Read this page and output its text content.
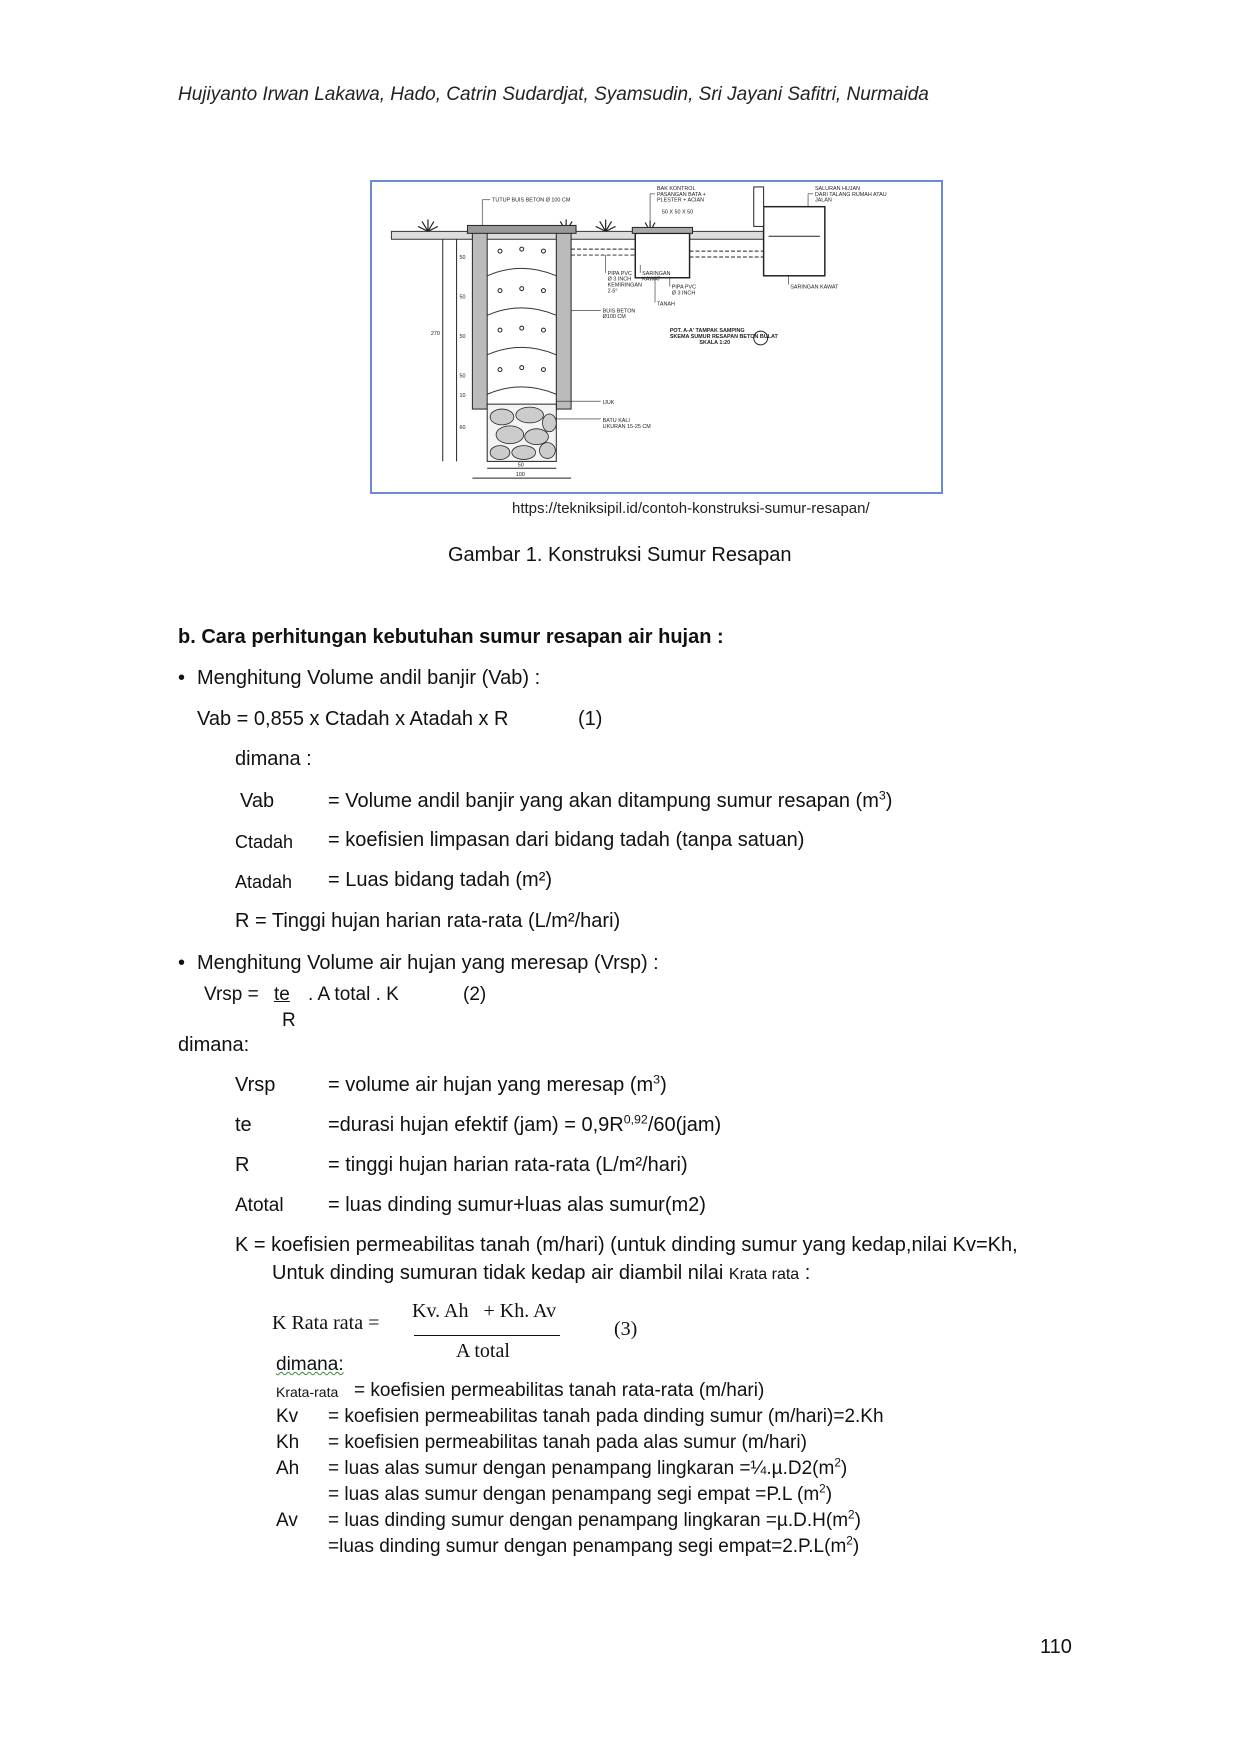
Hujiyanto Irwan Lakawa, Hado, Catrin Sudardjat, Syamsudin, Sri Jayani Safitri, Nurmaida
50
100
270
50
50
50
50
10
60
TUTUP BUIS BETON Ø 100 CM
BAK KONTROL
PASANGAN BATA +
PLESTER + ACIAN
50 X 50 X 50
SALURAN HUJAN
DARI TALANG RUMAH ATAU
JALAN
PIPA PVC
Ø 3 INCH
KEMIRINGAN
2-5°
SARINGAN
KAWAT
PIPA PVC
Ø 3 INCH
SARINGAN KAWAT
TANAH
BUIS BETON
Ø100 CM
POT. A-A' TAMPAK SAMPING
SKEMA SUMUR RESAPAN BETON BULAT
SKALA 1:20
IJUK
BATU KALI
UKURAN 15-25 CM
https://tekniksipil.id/contoh-konstruksi-sumur-resapan/
Gambar 1. Konstruksi Sumur Resapan
b. Cara perhitungan kebutuhan sumur resapan air hujan :
• Menghitung Volume andil banjir (Vab) :
Vab = 0,855 x Ctadah x Atadah x R	(1)
dimana :
Vab	= Volume andil banjir yang akan ditampung sumur resapan $(m^3)$
Ctadah = koefisien limpasan dari bidang tadah (tanpa satuan)
Atadah = Luas bidang tadah (m²)
R = Tinggi hujan harian rata-rata (L/m²/hari)
• Menghitung Volume air hujan yang meresap (Vrsp) :
Vrsp = te . A total . K	(2)
R
dimana:
Vrsp	= volume air hujan yang meresap $(m^3)$
te	=durasi hujan efektif $(jam) = 0,9R^{0,92}/60(jam)$
R	= tinggi hujan harian rata-rata (L/m²/hari)
Atotal = luas dinding sumur+luas alas sumur(m2)
K = koefisien permeabilitas tanah (m/hari) (untuk dinding sumur yang kedap,nilai Kv=Kh,
Untuk dinding sumuran tidak kedap air diambil nilai Krata rata :
K Rata rata =
Kv. Ah   + Kh. Av
A total
(3)
dimana:
Krata-rata = koefisien permeabilitas tanah rata-rata (m/hari)
Kv = koefisien permeabilitas tanah pada dinding sumur (m/hari)=2.Kh
Kh = koefisien permeabilitas tanah pada alas sumur (m/hari)
Ah = luas alas sumur dengan penampang lingkaran $=\frac{1}{4}.\mu.D2(m^2)$
= luas alas sumur dengan penampang segi empat =P.L $(m^2)$
Av = luas dinding sumur dengan penampang lingkaran $=\mu.D.H(m^2)$
=luas dinding sumur dengan penampang segi $empat=2.P.L(m^2)$
110
